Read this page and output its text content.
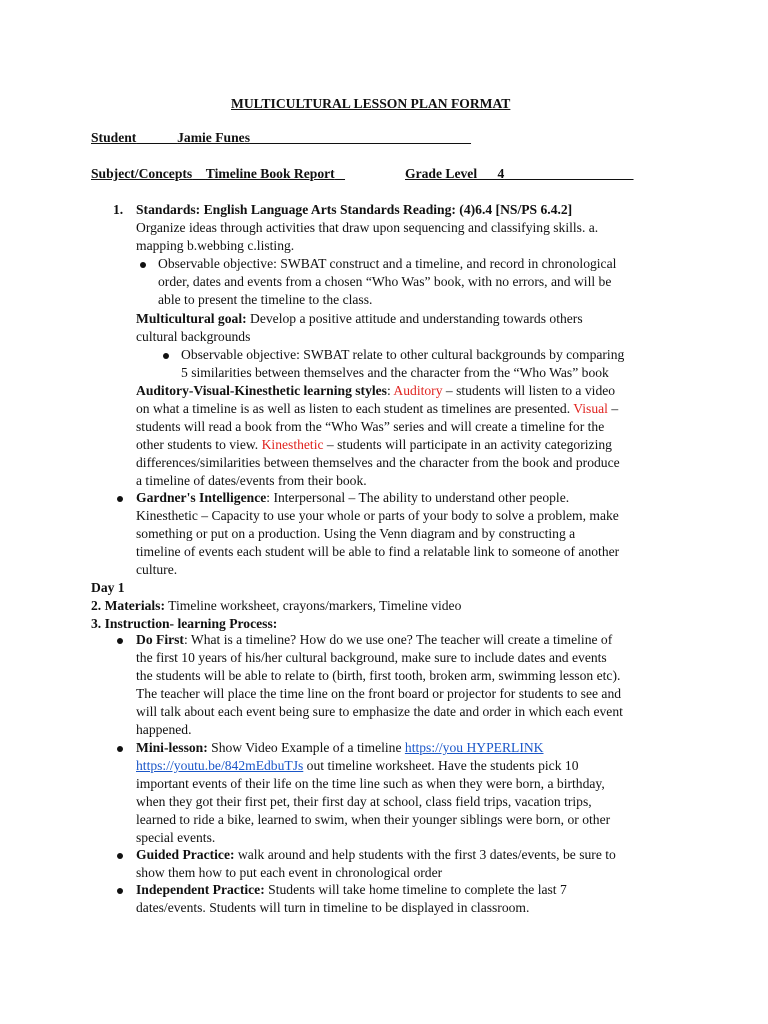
MULTICULTURAL LESSON PLAN FORMAT
Student______Jamie Funes_______________________________ _
Subject/Concepts__Timeline Book Report _	Grade Level___4___________________
1. Standards: English Language Arts Standards Reading: (4)6.4 [NS/PS 6.4.2]
Organize ideas through activities that draw upon sequencing and classifying skills. a.
mapping b.webbing c.listing.
Observable objective: SWBAT construct and a timeline, and record in chronological
order, dates and events from a chosen “Who Was” book, with no errors, and will be
able to present the timeline to the class.
Multicultural goal: Develop a positive attitude and understanding towards others
cultural backgrounds
Observable objective: SWBAT relate to other cultural backgrounds by comparing
5 similarities between themselves and the character from the “Who Was” book
Auditory-Visual-Kinesthetic learning styles: Auditory – students will listen to a video
on what a timeline is as well as listen to each student as timelines are presented. Visual –
students will read a book from the “Who Was” series and will create a timeline for the
other students to view. Kinesthetic – students will participate in an activity categorizing
differences/similarities between themselves and the character from the book and produce
a timeline of dates/events from their book.
Gardner's Intelligence: Interpersonal – The ability to understand other people.
Kinesthetic – Capacity to use your whole or parts of your body to solve a problem, make
something or put on a production. Using the Venn diagram and by constructing a
timeline of events each student will be able to find a relatable link to someone of another
culture.
Day 1
2. Materials: Timeline worksheet, crayons/markers, Timeline video
3. Instruction- learning Process:
Do First: What is a timeline? How do we use one? The teacher will create a timeline of
the first 10 years of his/her cultural background, make sure to include dates and events
the students will be able to relate to (birth, first tooth, broken arm, swimming lesson etc).
The teacher will place the time line on the front board or projector for students to see and
will talk about each event being sure to emphasize the date and order in which each event
happened.
Mini-lesson: Show Video Example of a timeline https://you HYPERLINK
https://youtu.be/842mEdbuTJs out timeline worksheet. Have the students pick 10
important events of their life on the time line such as when they were born, a birthday,
when they got their first pet, their first day at school, class field trips, vacation trips,
learned to ride a bike, learned to swim, when their younger siblings were born, or other
special events.
Guided Practice: walk around and help students with the first 3 dates/events, be sure to
show them how to put each event in chronological order
Independent Practice: Students will take home timeline to complete the last 7
dates/events. Students will turn in timeline to be displayed in classroom.
